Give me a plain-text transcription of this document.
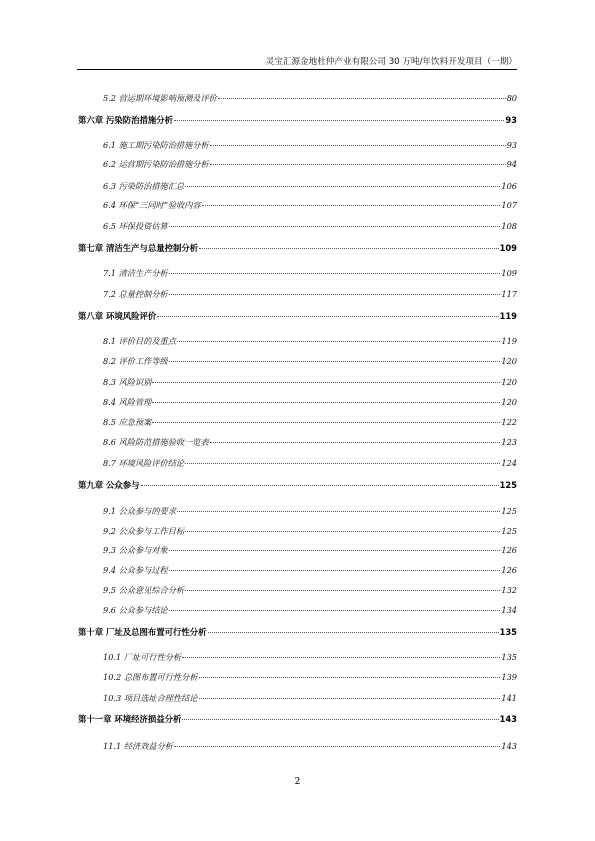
灵宝汇源金地杜仲产业有限公司 30 万吨/年饮料开发项目（一期）
5.2 营运期环境影响预测及评价	80
第六章 污染防治措施分析	93
6.1 施工期污染防治措施分析	93
6.2 运营期污染防治措施分析	94
6.3 污染防治措施汇总	106
6.4 环保“三同时”验收内容	107
6.5 环保投资估算	108
第七章 清洁生产与总量控制分析	109
7.1 清洁生产分析	109
7.2 总量控制分析	117
第八章 环境风险评价	119
8.1 评价目的及重点	119
8.2 评价工作等级	120
8.3 风险识别	120
8.4 风险管理	120
8.5 应急预案	122
8.6 风险防范措施验收一览表	123
8.7 环境风险评价结论	124
第九章 公众参与	125
9.1 公众参与的要求	125
9.2 公众参与工作目标	125
9.3 公众参与对象	126
9.4 公众参与过程	126
9.5 公众意见综合分析	132
9.6 公众参与结论	134
第十章 厂址及总图布置可行性分析	135
10.1 厂址可行性分析	135
10.2 总图布置可行性分析	139
10.3 项目选址合理性结论	141
第十一章 环境经济损益分析	143
11.1 经济效益分析	143
2
